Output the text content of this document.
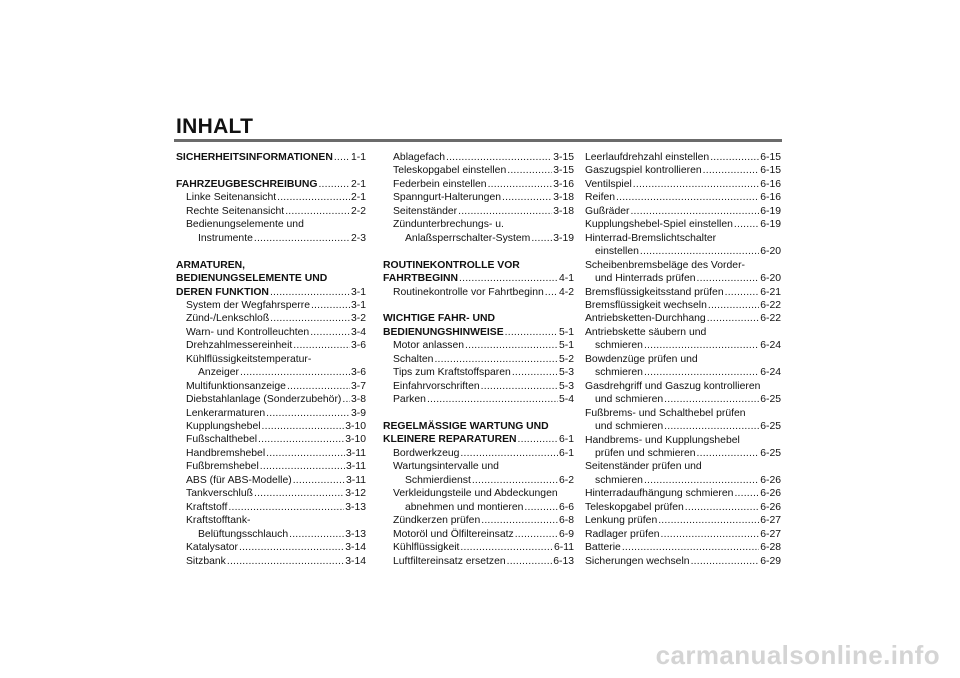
INHALT
SICHERHEITSINFORMATIONEN ..... 1-1
FAHRZEUGBESCHREIBUNG .....	2-1
Linke Seitenansicht .....	2-1
Rechte Seitenansicht .....	2-2
Bedienungselemente und
Instrumente .....	2-3
ARMATUREN,
BEDIENUNGSELEMENTE UND
DEREN FUNKTION .....	3-1
System der Wegfahrsperre .....	3-1
Zünd-/Lenkschloß .....	3-2
Warn- und Kontrolleuchten .....	3-4
Drehzahlmessereinheit .....	3-6
Kühlflüssigkeitstemperatur-
Anzeiger .....	3-6
Multifunktionsanzeige .....	3-7
Diebstahlanlage (Sonderzubehör) ..... 3-8
Lenkerarmaturen .....	3-9
Kupplungshebel .....	3-10
Fußschalthebel .....	3-10
Handbremshebel .....	3-11
Fußbremshebel .....	3-11
ABS (für ABS-Modelle) .....	3-11
Tankverschluß .....	3-12
Kraftstoff .....	3-13
Kraftstofftank-
Belüftungsschlauch .....	3-13
Katalysator .....	3-14
Sitzbank .....	3-14
Ablagefach .....	3-15
Teleskopgabel einstellen .....	3-15
Federbein einstellen .....	3-16
Spanngurt-Halterungen .....	3-18
Seitenständer .....	3-18
Zündunterbrechungs- u.
Anlaßsperrschalter-System ..... 3-19
ROUTINEKONTROLLE VOR
FAHRTBEGINN .....	4-1
Routinekontrolle vor Fahrtbeginn ..... 4-2
WICHTIGE FAHR- UND
BEDIENUNGSHINWEISE .....	5-1
Motor anlassen .....	5-1
Schalten .....	5-2
Tips zum Kraftstoffsparen .....	5-3
Einfahrvorschriften .....	5-3
Parken .....	5-4
REGELMÄSSIGE WARTUNG UND
KLEINERE REPARATUREN .....	6-1
Bordwerkzeug .....	6-1
Wartungsintervalle und
Schmierdienst .....	6-2
Verkleidungsteile und Abdeckungen
abnehmen und montieren .....	6-6
Zündkerzen prüfen .....	6-8
Motoröl und Ölfiltereinsatz .....	6-9
Kühlflüssigkeit .....	6-11
Luftfiltereinsatz ersetzen .....	6-13
Leerlaufdrehzahl einstellen .....	6-15
Gaszugspiel kontrollieren .....	6-15
Ventilspiel .....	6-16
Reifen .....	6-16
Gußräder .....	6-19
Kupplungshebel-Spiel einstellen .....	6-19
Hinterrad-Bremslichtschalter
einstellen .....	6-20
Scheibenbremsbeläge des Vorder-
und Hinterrads prüfen .....	6-20
Bremsflüssigkeitsstand prüfen .....	6-21
Bremsflüssigkeit wechseln .....	6-22
Antriebsketten-Durchhang .....	6-22
Antriebskette säubern und
schmieren .....	6-24
Bowdenzüge prüfen und
schmieren .....	6-24
Gasdrehgriff und Gaszug kontrollieren
und schmieren .....	6-25
Fußbrems- und Schalthebel prüfen
und schmieren .....	6-25
Handbrems- und Kupplungshebel
prüfen und schmieren .....	6-25
Seitenständer prüfen und
schmieren .....	6-26
Hinterradaufhängung schmieren .....	6-26
Teleskopgabel prüfen .....	6-26
Lenkung prüfen .....	6-27
Radlager prüfen .....	6-27
Batterie .....	6-28
Sicherungen wechseln .....	6-29
carmanualsonline.info
